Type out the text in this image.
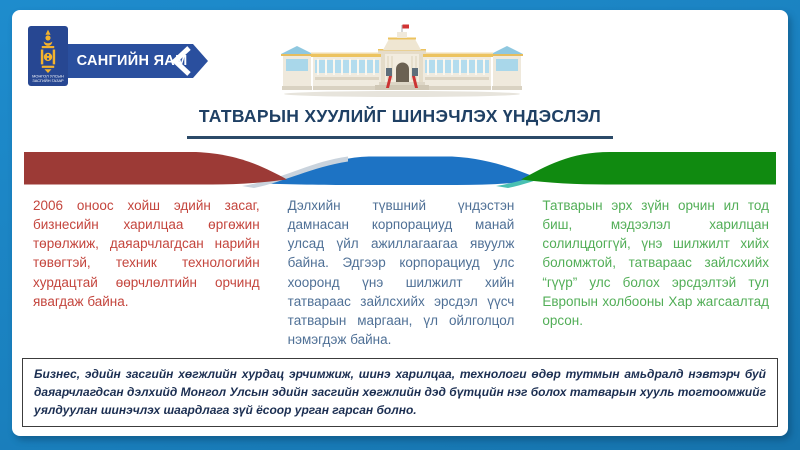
МОНГОЛ УЛСЫН
ЗАСГИЙН ГАЗАР
САНГИЙН ЯАМ
ТАТВАРЫН ХУУЛИЙГ ШИНЭЧЛЭХ ҮНДЭСЛЭЛ
2006 оноос хойш эдийн засаг, бизнесийн харилцаа өргөжин төрөлжиж, даяарчлагдсан нарийн төвөгтэй, техник технологийн хурдацтай өөрчлөлтийн орчинд явагдаж байна.
Дэлхийн түвшний үндэстэн дамнасан корпорациуд манай улсад үйл ажиллагаагаа явуулж байна. Эдгээр корпорациуд улс хооронд үнэ шилжилт хийн татвараас зайлсхийх эрсдэл үүсч татварын маргаан, үл ойлголцол нэмэгдэж байна.
Татварын эрх зүйн орчин ил тод биш, мэдээлэл харилцан солилцдоггүй, үнэ шилжилт хийх боломжтой, татвараас зайлсхийх “гүүр” улс болох эрсдэлтэй тул Европын холбооны Хар жагсаалтад орсон.
Бизнес, эдийн засгийн хөгжлийн хурдац эрчимжиж, шинэ харилцаа, технологи өдөр тутмын амьдралд нэвтэрч буй даяарчлагдсан дэлхийд Монгол Улсын эдийн засгийн хөгжлийн дэд бүтцийн нэг болох татварын хууль тогтоомжийг уялдуулан шинэчлэх шаардлага зүй ёсоор урган гарсан болно.
